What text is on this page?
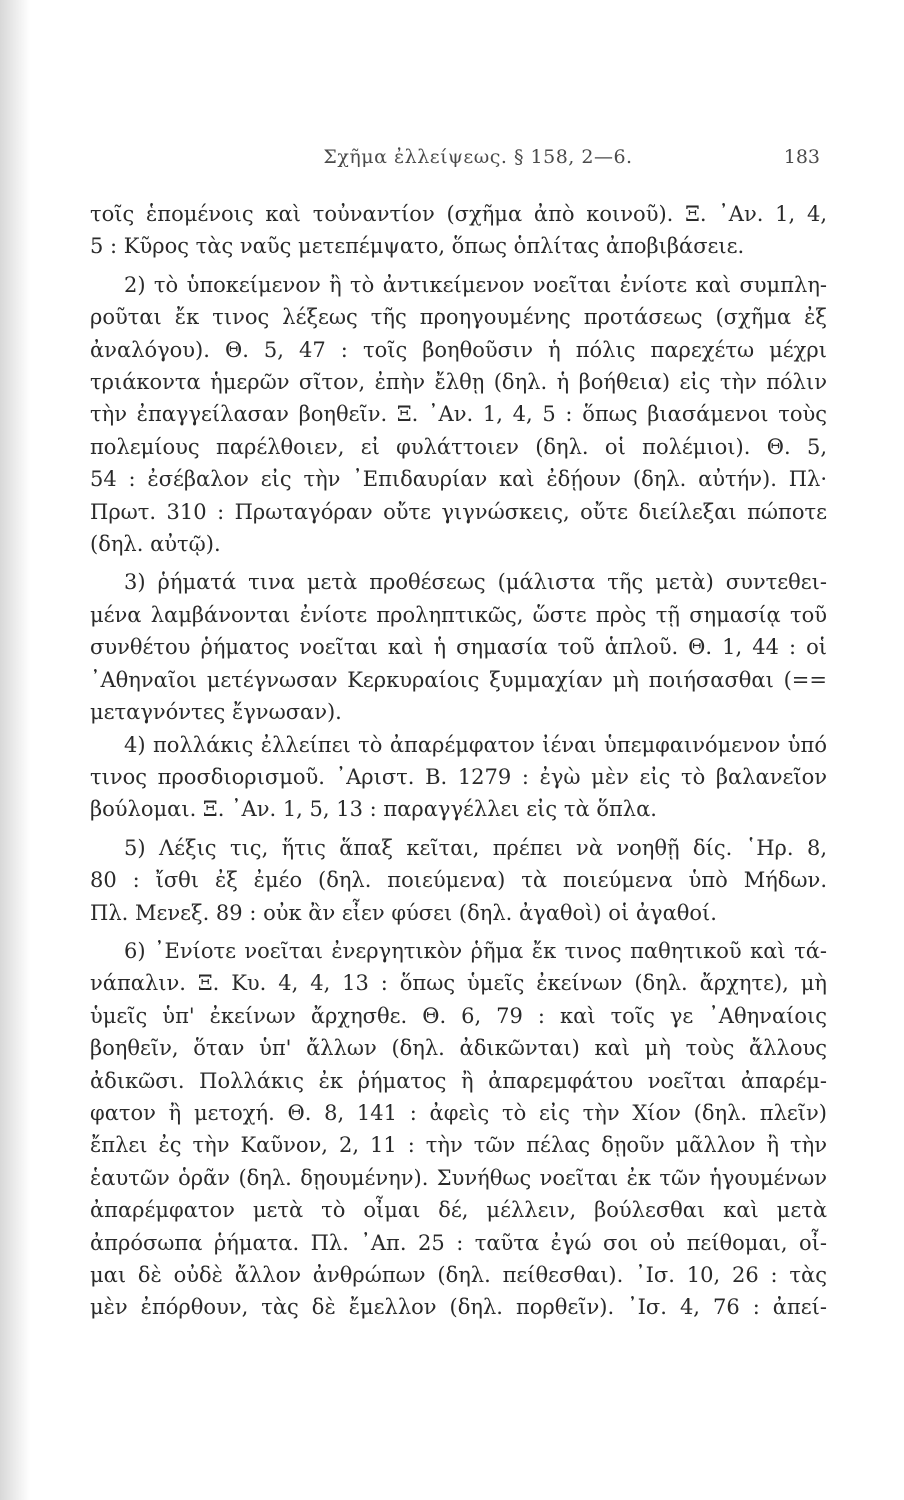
Σχῆμα ἐλλείψεως. § 158, 2—6.	183
τοῖς ἑπομένοις καὶ τοὐναντίον (σχῆμα ἀπὸ κοινοῦ). Ξ. ᾿Αν. 1, 4,
5 : Κῦρος τὰς ναῦς μετεπέμψατο, ὅπως ὁπλίτας ἀποβιβάσειε.
2) τὸ ὑποκείμενον ἢ τὸ ἀντικείμενον νοεῖται ἐνίοτε καὶ συμπλη-
ροῦται ἔκ τινος λέξεως τῆς προηγουμένης προτάσεως (σχῆμα ἐξ
ἀναλόγου). Θ. 5, 47 : τοῖς βοηθοῦσιν ἡ πόλις παρεχέτω μέχρι
τριάκοντα ἡμερῶν σῖτον, ἐπὴν ἔλθῃ (δηλ. ἡ βοήθεια) εἰς τὴν πόλιν
τὴν ἐπαγγείλασαν βοηθεῖν. Ξ. ᾿Αν. 1, 4, 5 : ὅπως βιασάμενοι τοὺς
πολεμίους παρέλθοιεν, εἰ φυλάττοιεν (δηλ. οἱ πολέμιοι). Θ. 5,
54 : ἐσέβαλον εἰς τὴν ᾿Επιδαυρίαν καὶ ἐδῄουν (δηλ. αὐτήν). Πλ·
Πρωτ. 310 : Πρωταγόραν οὔτε γιγνώσκεις, οὔτε διείλεξαι πώποτε
(δηλ. αὐτῷ).
3) ῥήματά τινα μετὰ προθέσεως (μάλιστα τῆς μετὰ) συντεθει-
μένα λαμβάνονται ἐνίοτε προληπτικῶς, ὥστε πρὸς τῇ σημασίᾳ τοῦ
συνθέτου ῥήματος νοεῖται καὶ ἡ σημασία τοῦ ἁπλοῦ. Θ. 1, 44 : οἱ
᾿Αθηναῖοι μετέγνωσαν Κερκυραίοις ξυμμαχίαν μὴ ποιήσασθαι (==
μεταγνόντες ἔγνωσαν).
4) πολλάκις ἐλλείπει τὸ ἀπαρέμφατον ἰέναι ὑπεμφαινόμενον ὑπό
τινος προσδιορισμοῦ. ᾿Αριστ. Β. 1279 : ἐγὼ μὲν εἰς τὸ βαλανεῖον
βούλομαι. Ξ. ᾿Αν. 1, 5, 13 : παραγγέλλει εἰς τὰ ὅπλα.
5) Λέξις τις, ἥτις ἅπαξ κεῖται, πρέπει νὰ νοηθῇ δίς. ῾Ηρ. 8,
80 : ἴσθι ἐξ ἐμέο (δηλ. ποιεύμενα) τὰ ποιεύμενα ὑπὸ Μήδων.
Πλ. Μενεξ. 89 : οὐκ ἂν εἶεν φύσει (δηλ. ἀγαθοὶ) οἱ ἀγαθοί.
6) ᾿Ενίοτε νοεῖται ἐνεργητικὸν ῥῆμα ἔκ τινος παθητικοῦ καὶ τά-
νάπαλιν. Ξ. Κυ. 4, 4, 13 : ὅπως ὑμεῖς ἐκείνων (δηλ. ἄρχητε), μὴ
ὑμεῖς ὑπ' ἐκείνων ἄρχησθε. Θ. 6, 79 : καὶ τοῖς γε ᾿Αθηναίοις
βοηθεῖν, ὅταν ὑπ' ἄλλων (δηλ. ἀδικῶνται) καὶ μὴ τοὺς ἄλλους
ἀδικῶσι. Πολλάκις ἐκ ῥήματος ἢ ἀπαρεμφάτου νοεῖται ἀπαρέμ-
φατον ἢ μετοχή. Θ. 8, 141 : ἀφεὶς τὸ εἰς τὴν Χίον (δηλ. πλεῖν)
ἔπλει ἐς τὴν Καῦνον, 2, 11 : τὴν τῶν πέλας δῃοῦν μᾶλλον ἢ τὴν
ἑαυτῶν ὁρᾶν (δηλ. δῃουμένην). Συνήθως νοεῖται ἐκ τῶν ἡγουμένων
ἀπαρέμφατον μετὰ τὸ οἶμαι δέ, μέλλειν, βούλεσθαι καὶ μετὰ
ἀπρόσωπα ῥήματα. Πλ. ᾿Απ. 25 : ταῦτα ἐγώ σοι οὐ πείθομαι, οἶ-
μαι δὲ οὐδὲ ἄλλον ἀνθρώπων (δηλ. πείθεσθαι). ᾿Ισ. 10, 26 : τὰς
μὲν ἐπόρθουν, τὰς δὲ ἔμελλον (δηλ. πορθεῖν). ᾿Ισ. 4, 76 : ἀπεί-
